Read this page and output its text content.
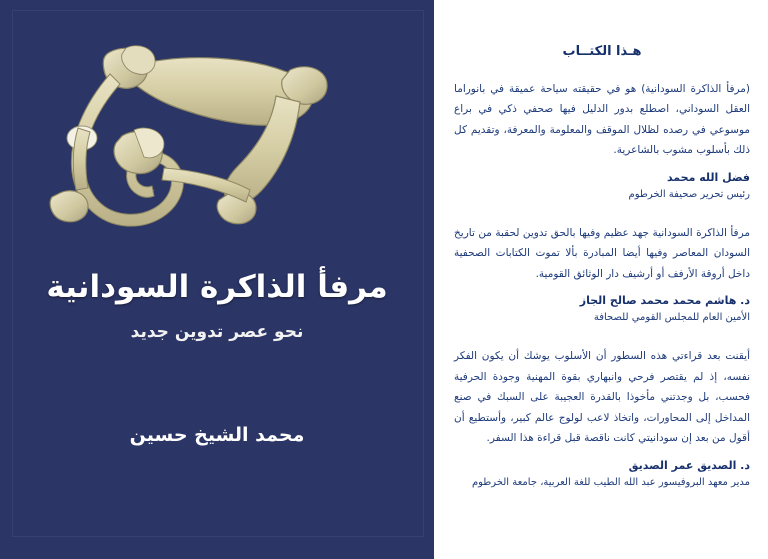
مرفأ الذاكرة السودانية
نحو عصر تدوين جديد
محمد الشيخ حسين
هـذا الكتــاب

(مرفأ الذاكرة السودانية) هو في حقيقته سياحة عميقة في بانوراما العقل السوداني، اصطلع بدور الدليل فيها صحفي ذكي في براع موسوعي في رصده لظلال الموقف والمعلومة والمعرفة، وتقديم كل ذلك بأسلوب مشوب بالشاعرية.

فضل الله محمد

رئيس تحرير صحيفة الخرطوم

مرفأ الذاكرة السودانية جهد عظيم وفيها بالحق تدوين لحقبة من تاريخ السودان المعاصر وفيها أيضا المبادرة بألا تموت الكتابات الصحفية داخل أروقة الأرفف أو أرشيف دار الوثائق القومية.

د. هاشم محمد محمد صالح الجاز

الأمين العام للمجلس القومي للصحافة

أيقنت بعد قراءتي هذه السطور أن الأسلوب يوشك أن يكون الفكر نفسه، إذ لم يقتصر فرحي وانبهاري بقوة المهنية وجودة الحرفية فحسب، بل وجدتني مأخوذا بالقدرة العجيبة على السبك في صنع المداخل إلى المحاورات، واتخاذ لاعب لولوج عالم كبير، وأستطيع أن أقول من بعد إن سودانيتي كانت ناقصة قبل قراءة هذا السفر.

د. الصديق عمر الصديق

مدير معهد البروفيسور عبد الله الطيب للغة العربية، جامعة الخرطوم
